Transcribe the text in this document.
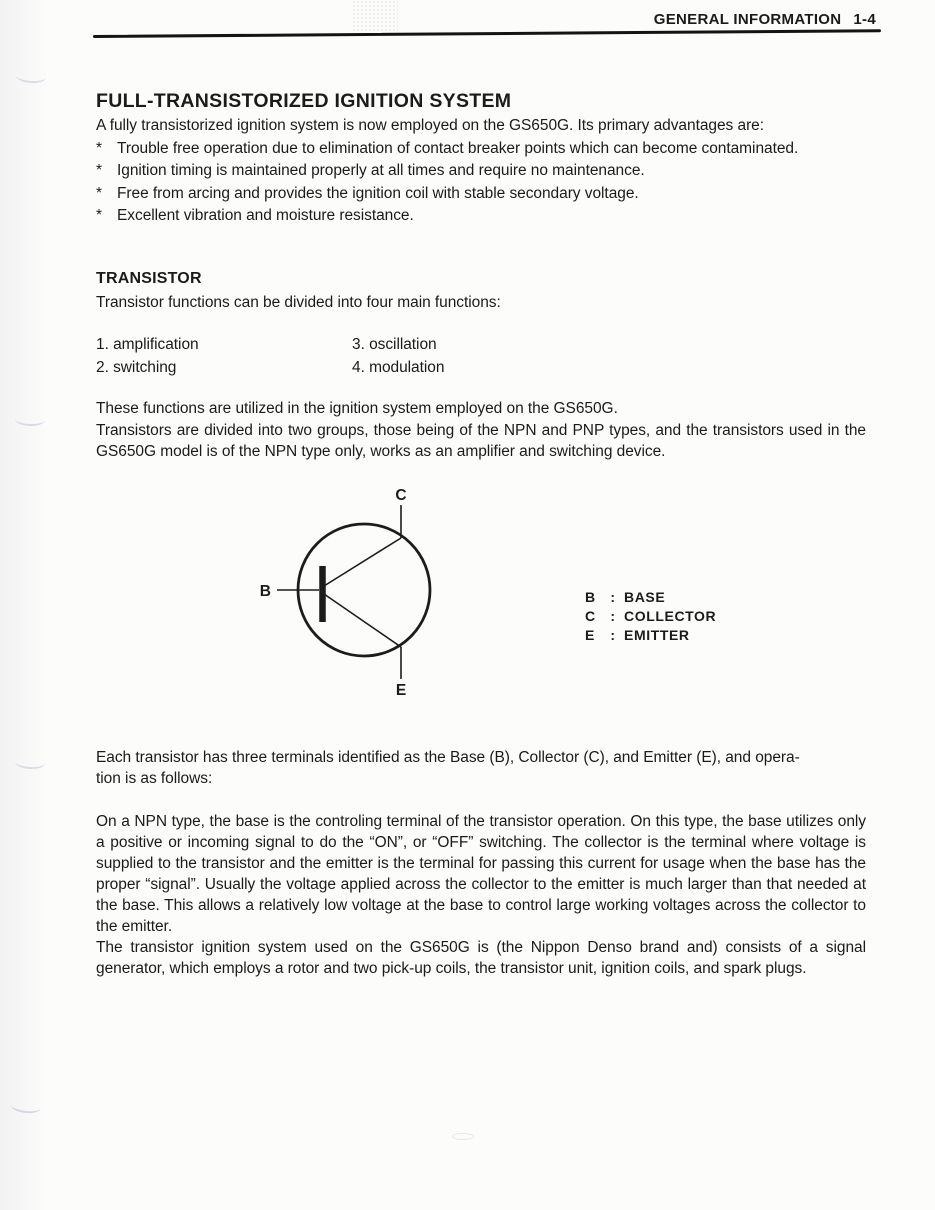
GENERAL INFORMATION 1-4
FULL-TRANSISTORIZED IGNITION SYSTEM
A fully transistorized ignition system is now employed on the GS650G. Its primary advantages are:
* Trouble free operation due to elimination of contact breaker points which can become contaminated.
* Ignition timing is maintained properly at all times and require no maintenance.
* Free from arcing and provides the ignition coil with stable secondary voltage.
* Excellent vibration and moisture resistance.
TRANSISTOR
Transistor functions can be divided into four main functions:
1. amplification
2. switching
3. oscillation
4. modulation
These functions are utilized in the ignition system employed on the GS650G.
Transistors are divided into two groups, those being of the NPN and PNP types, and the transistors used in the GS650G model is of the NPN type only, works as an amplifier and switching device.
C
B
E
B	: BASE
C	: COLLECTOR
E	: EMITTER
Each transistor has three terminals identified as the Base (B), Collector (C), and Emitter (E), and opera-
tion is as follows:
On a NPN type, the base is the controling terminal of the transistor operation. On this type, the base utilizes only a positive or incoming signal to do the “ON”, or “OFF” switching. The collector is the terminal where voltage is supplied to the transistor and the emitter is the terminal for passing this current for usage when the base has the proper “signal”. Usually the voltage applied across the collector to the emitter is much larger than that needed at the base. This allows a relatively low voltage at the base to control large working voltages across the collector to the emitter.
The transistor ignition system used on the GS650G is (the Nippon Denso brand and) consists of a signal generator, which employs a rotor and two pick-up coils, the transistor unit, ignition coils, and spark plugs.
